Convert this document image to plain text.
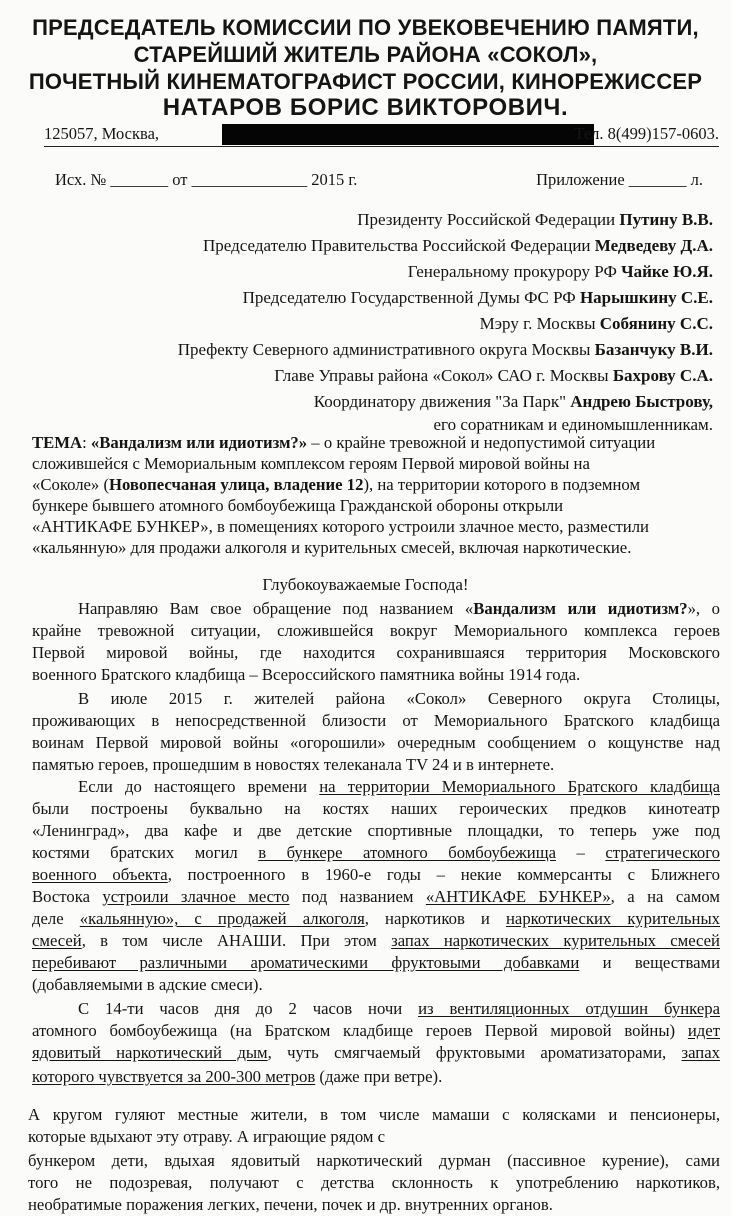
ПРЕДСЕДАТЕЛЬ КОМИССИИ ПО УВЕКОВЕЧЕНИЮ ПАМЯТИ,
СТАРЕЙШИЙ ЖИТЕЛЬ РАЙОНА «СОКОЛ»,
ПОЧЕТНЫЙ КИНЕМАТОГРАФИСТ РОССИИ, КИНОРЕЖИССЕР
НАТАРОВ БОРИС ВИКТОРОВИЧ.
125057, Москва,	Тел. 8(499)157-0603.
Исх. № _______ от ______________ 2015 г.	Приложение _______ л.
Президенту Российской Федерации Путину В.В.
Председателю Правительства Российской Федерации Медведеву Д.А.
Генеральному прокурору РФ Чайке Ю.Я.
Председателю Государственной Думы ФС РФ Нарышкину С.Е.
Мэру г. Москвы Собянину С.С.
Префекту Северного административного округа Москвы Базанчуку В.И.
Главе Управы района «Сокол» САО г. Москвы Бахрову С.А.
Координатору движения "За Парк" Андрею Быстрову,
его соратникам и единомышленникам.
ТЕМА: «Вандализм или идиотизм?» – о крайне тревожной и недопустимой ситуации
сложившейся с Мемориальным комплексом героям Первой мировой войны на
«Соколе» (Новопесчаная улица, владение 12), на территории которого в подземном
бункере бывшего атомного бомбоубежища Гражданской обороны открыли
«АНТИКАФЕ БУНКЕР», в помещениях которого устроили злачное место, разместили
«кальянную» для продажи алкоголя и курительных смесей, включая наркотические.
Глубокоуважаемые Господа!
Направляю Вам свое обращение под названием «Вандализм или идиотизм?», о
крайне тревожной ситуации, сложившейся вокруг Мемориального комплекса героев
Первой мировой войны, где находится сохранившаяся территория Московского
военного Братского кладбища – Всероссийского памятника войны 1914 года.
В июле 2015 г. жителей района «Сокол» Северного округа Столицы,
проживающих в непосредственной близости от Мемориального Братского кладбища
воинам Первой мировой войны «огорошили» очередным сообщением о кощунстве над
памятью героев, прошедшим в новостях телеканала TV 24 и в интернете.
Если до настоящего времени на территории Мемориального Братского кладбища
были построены буквально на костях наших героических предков кинотеатр
«Ленинград», два кафе и две детские спортивные площадки, то теперь уже под
костями братских могил в бункере атомного бомбоубежища – стратегического
военного объекта, построенного в 1960-е годы – некие коммерсанты с Ближнего
Востока устроили злачное место под названием «АНТИКАФЕ БУНКЕР», а на самом
деле «кальянную», с продажей алкоголя, наркотиков и наркотических курительных
смесей, в том числе АНАШИ. При этом запах наркотических курительных смесей
перебивают различными ароматическими фруктовыми добавками и веществами
(добавляемыми в адские смеси).
С 14-ти часов дня до 2 часов ночи из вентиляционных отдушин бункера
атомного бомбоубежища (на Братском кладбище героев Первой мировой войны) идет
ядовитый наркотический дым, чуть смягчаемый фруктовыми ароматизаторами, запах
которого чувствуется за 200-300 метров (даже при ветре).
А кругом гуляют местные жители, в том числе мамаши с колясками и пенсионеры,
которые вдыхают эту отраву. А играющие рядом с
бункером дети, вдыхая ядовитый наркотический дурман (пассивное курение), сами
того не подозревая, получают с детства склонность к употреблению наркотиков,
необратимые поражения легких, печени, почек и др. внутренних органов.
